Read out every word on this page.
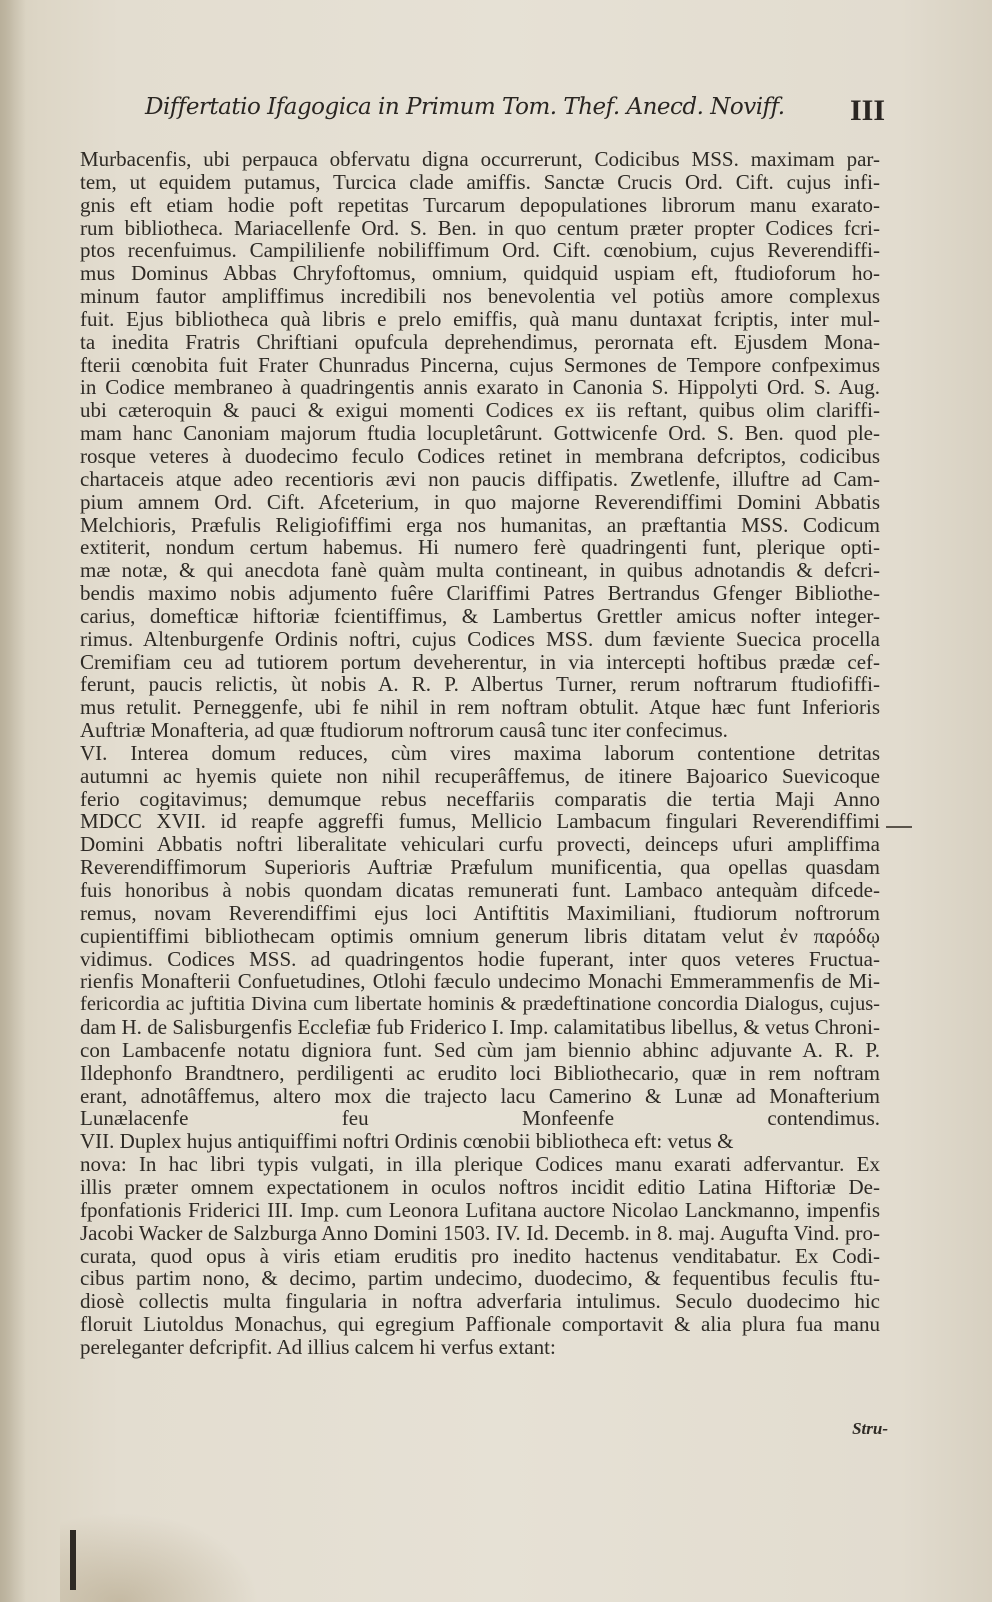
Differtatio Ifagogica in Primum Tom. Thef. Anecd. Noviff. III
Murbacenfis, ubi perpauca obfervatu digna occurrerunt, Codicibus MSS. maximam par-
tem, ut equidem putamus, Turcica clade amiffis. Sanctæ Crucis Ord. Cift. cujus infi-
gnis eft etiam hodie poft repetitas Turcarum depopulationes librorum manu exarato-
rum bibliotheca. Mariacellenfe Ord. S. Ben. in quo centum præter propter Codices fcri-
ptos recenfuimus. Campililienfe nobiliffimum Ord. Cift. cœnobium, cujus Reverendiffi-
mus Dominus Abbas Chryfoftomus, omnium, quidquid uspiam eft, ftudioforum ho-
minum fautor ampliffimus incredibili nos benevolentia vel potiùs amore complexus
fuit. Ejus bibliotheca quà libris e prelo emiffis, quà manu duntaxat fcriptis, inter mul-
ta inedita Fratris Chriftiani opufcula deprehendimus, perornata eft. Ejusdem Mona-
fterii cœnobita fuit Frater Chunradus Pincerna, cujus Sermones de Tempore confpeximus
in Codice membraneo à quadringentis annis exarato in Canonia S. Hippolyti Ord. S. Aug.
ubi cæteroquin & pauci & exigui momenti Codices ex iis reftant, quibus olim clariffi-
mam hanc Canoniam majorum ftudia locupletârunt. Gottwicenfe Ord. S. Ben. quod ple-
rosque veteres à duodecimo feculo Codices retinet in membrana defcriptos, codicibus
chartaceis atque adeo recentioris ævi non paucis diffipatis. Zwetlenfe, illuftre ad Cam-
pium amnem Ord. Cift. Afceterium, in quo majorne Reverendiffimi Domini Abbatis
Melchioris, Præfulis Religiofiffimi erga nos humanitas, an præftantia MSS. Codicum
extiterit, nondum certum habemus. Hi numero ferè quadringenti funt, plerique opti-
mæ notæ, & qui anecdota fanè quàm multa contineant, in quibus adnotandis & defcri-
bendis maximo nobis adjumento fuêre Clariffimi Patres Bertrandus Gfenger Bibliothe-
carius, domefticæ hiftoriæ fcientiffimus, & Lambertus Grettler amicus nofter integer-
rimus. Altenburgenfe Ordinis noftri, cujus Codices MSS. dum fæviente Suecica procella
Cremifiam ceu ad tutiorem portum deveherentur, in via intercepti hoftibus prædæ cef-
ferunt, paucis relictis, ùt nobis A. R. P. Albertus Turner, rerum noftrarum ftudiofiffi-
mus retulit. Perneggenfe, ubi fe nihil in rem noftram obtulit. Atque hæc funt Inferioris
Auftriæ Monafteria, ad quæ ftudiorum noftrorum causâ tunc iter confecimus.
VI. Interea domum reduces, cùm vires maxima laborum contentione detritas
autumni ac hyemis quiete non nihil recuperâffemus, de itinere Bajoarico Suevicoque
ferio cogitavimus; demumque rebus neceffariis comparatis die tertia Maji Anno
MDCC XVII. id reapfe aggreffi fumus, Mellicio Lambacum fingulari Reverendiffimi
Domini Abbatis noftri liberalitate vehiculari curfu provecti, deinceps ufuri ampliffima
Reverendiffimorum Superioris Auftriæ Præfulum munificentia, qua opellas quasdam
fuis honoribus à nobis quondam dicatas remunerati funt. Lambaco antequàm difcede-
remus, novam Reverendiffimi ejus loci Antiftitis Maximiliani, ftudiorum noftrorum
cupientiffimi bibliothecam optimis omnium generum libris ditatam velut ἐν παρόδῳ
vidimus. Codices MSS. ad quadringentos hodie fuperant, inter quos veteres Fructua-
rienfis Monafterii Confuetudines, Otlohi fæculo undecimo Monachi Emmerammenfis de Mi-
fericordia ac juftitia Divina cum libertate hominis & prædeftinatione concordia Dialogus, cujus-
dam H. de Salisburgenfis Ecclefiæ fub Friderico I. Imp. calamitatibus libellus, & vetus Chroni-
con Lambacenfe notatu digniora funt. Sed cùm jam biennio abhinc adjuvante A. R. P.
Ildephonfo Brandtnero, perdiligenti ac erudito loci Bibliothecario, quæ in rem noftram
erant, adnotâffemus, altero mox die trajecto lacu Camerino & Lunæ ad Monafterium
Lunælacenfe feu Monfeenfe contendimus.
VII. Duplex hujus antiquiffimi noftri Ordinis cœnobii bibliotheca eft: vetus &
nova: In hac libri typis vulgati, in illa plerique Codices manu exarati adfervantur. Ex
illis præter omnem expectationem in oculos noftros incidit editio Latina Hiftoriæ De-
fponfationis Friderici III. Imp. cum Leonora Lufitana auctore Nicolao Lanckmanno, impenfis
Jacobi Wacker de Salzburga Anno Domini 1503. IV. Id. Decemb. in 8. maj. Augufta Vind. pro-
curata, quod opus à viris etiam eruditis pro inedito hactenus venditabatur. Ex Codi-
cibus partim nono, & decimo, partim undecimo, duodecimo, & fequentibus feculis ftu-
diosè collectis multa fingularia in noftra adverfaria intulimus. Seculo duodecimo hic
floruit Liutoldus Monachus, qui egregium Paffionale comportavit & alia plura fua manu
pereleganter defcripfit. Ad illius calcem hi verfus extant:
Stru-
